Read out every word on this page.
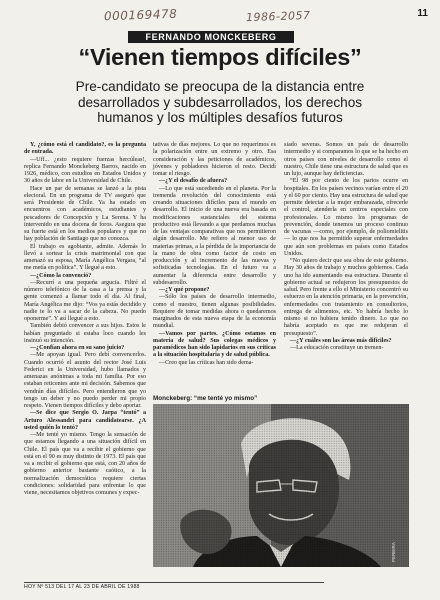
000169478	1986-2057	11
FERNANDO MONCKEBERG
“Vienen tiempos difíciles”

Pre-candidato se preocupa de la distancia entre desarrollados y subdesarrollados, los derechos humanos y los múltiples desafíos futuros

Y, ¿cómo está el candidato?, es la pregunta de entrada.

—Uff... ¿esto requiere fuerzas hercúleas!, replica Fernando Monckeberg Barros, nacido en 1926, médico, con estudios en Estados Unidos y 30 años de labor en la Universidad de Chile.

Hace un par de semanas se lanzó a la pista electoral. En un programa de TV aseguró que será Presidente de Chile. Ya ha estado en encuentros con académicos, estudiantes y pescadores de Concepción y La Serena. Y ha intervenido en una docena de foros. Asegura que su fuerte está en los medios populares y que no hay población de Santiago que no conozca.

El trabajo es agobiante, admite. Además lo llevó a sortear la crisis matrimonial con que amenazó su esposa, María Angélica Vergara, “al me metía en política”. Y llegué a esto.

—¿Cómo la convenció?

—Recurrí a una pequeña argucia. Filtré el número telefónico de la casa a la prensa y la gente comenzó a llamar todo el día. Al final, María Angélica me dijo: “Vos ya estás decidido y nadie te lo va a sacar de la cabeza. No puedo oponerme”. Y así llegué a esto.

También debió convencer a sus hijos. Estos le habían preguntado si estaba loco cuando les insinuó su intención.

—¿Confían ahora en su sano juicio?

—Me apoyan igual. Pero debí convencerlos. Cuando ocurrió el asunto del rector José Luis Federici en la Universidad, hubo llamados y amenazas anónimas a toda mi familia. Por eso estaban reticentes ante mi decisión. Sabemos que vendrán días difíciles. Pero entendieron que yo tengo un deber y no puedo perder mi propio respeto. Vienen tiempos difíciles y debo aportar.

—Se dice que Sergio O. Jarpa “tentó” a Arturo Alessandri para candidatearse. ¿A usted quién lo tentó?

—Me tenté yo mismo. Tengo la sensación de que estamos llegando a una situación difícil en Chile. El país que va a recibir el gobierno que está en el 90 es muy distinto de 1973. El país que va a recibir el gobierno que está, con 20 años de gobierno anterior bastante caótico, a la normalización democrática requiere ciertas condiciones: solidaridad para enfrentar lo que viene, necesitamos objetivos comunes y expec-

tativas de días mejores. Lo que no requerimos es la polarización entre un extremo y otro. Esa consideración y las peticiones de académicos, jóvenes y pobladores hicieron el resto. Decidí tomar el riesgo.

—¿Y el desafío de afuera?

—Lo que está sucediendo en el planeta. Por la tremenda revolución del conocimiento está creando situaciones difíciles para el mundo en desarrollo. El inicio de una nueva era basada en modificaciones sustanciales del sistema productivo está llevando a que perdamos muchas de las ventajas comparativas que nos permitieron algún desarrollo. Me refiero al menor uso de materias primas, a la pérdida de la importancia de la mano de obra como factor de costo en producción y al incremento de las nuevas y sofisticadas tecnologías. En el futuro va a aumentar la diferencia entre desarrollo y subdesarrollo.

—¿Y qué propone?

—Sólo los países de desarrollo intermedio, como el nuestro, tienen algunas posibilidades. Requiere de tomar medidas ahora o quedaremos marginados de esta nueva etapa de la economía mundial.

—Vamos por partes. ¿Cómo estamos en materia de salud? Sus colegas médicos y paramédicos han sido lapidarios en sus críticas a la situación hospitalaria y de salud pública.

—Creo que las críticas han sido dema-

siado severas. Somos un país de desarrollo intermedio y si comparamos lo que se ha hecho en otros países con niveles de desarrollo como el nuestro, Chile tiene una estructura de salud que es un lujo, aunque hay deficiencias.

“El 98 por ciento de los partos ocurre en hospitales. En los países vecinos varían entre el 20 y el 60 por ciento. Hay una estructura de salud que permite detectar a la mujer embarazada, ofrecerle el control, atenderla en centros especiales con profesionales. Lo mismo los programas de prevención, donde tenemos un proceso continuo de vacunas —como, por ejemplo, de poliomielitis— lo que nos ha permitido superar enfermedades que aún son problemas en países como Estados Unidos.

“No quiero decir que sea obra de este gobierno. Hay 30 años de trabajo y muchos gobiernos. Cada uno ha ido aumentando esa estructura. Durante el gobierno actual se redujeron los presupuestos de salud. Pero frente a ello el Ministerio concentró su esfuerzo en la atención primaria, en la prevención, enfermedades con tratamiento en consultorios, entrega de alimentos, etc. Yo habría hecho lo mismo si no hubiera tenido dinero. Lo que no habría aceptado es que me redujeran el presupuesto”.

—¿Y cuáles son las áreas más difíciles?

—La educación constituye un tremen-

Monckeberg: “me tenté yo mismo”
PEREIRA
HOY Nº 513 DEL 17 AL 23 DE ABRIL DE 1988
